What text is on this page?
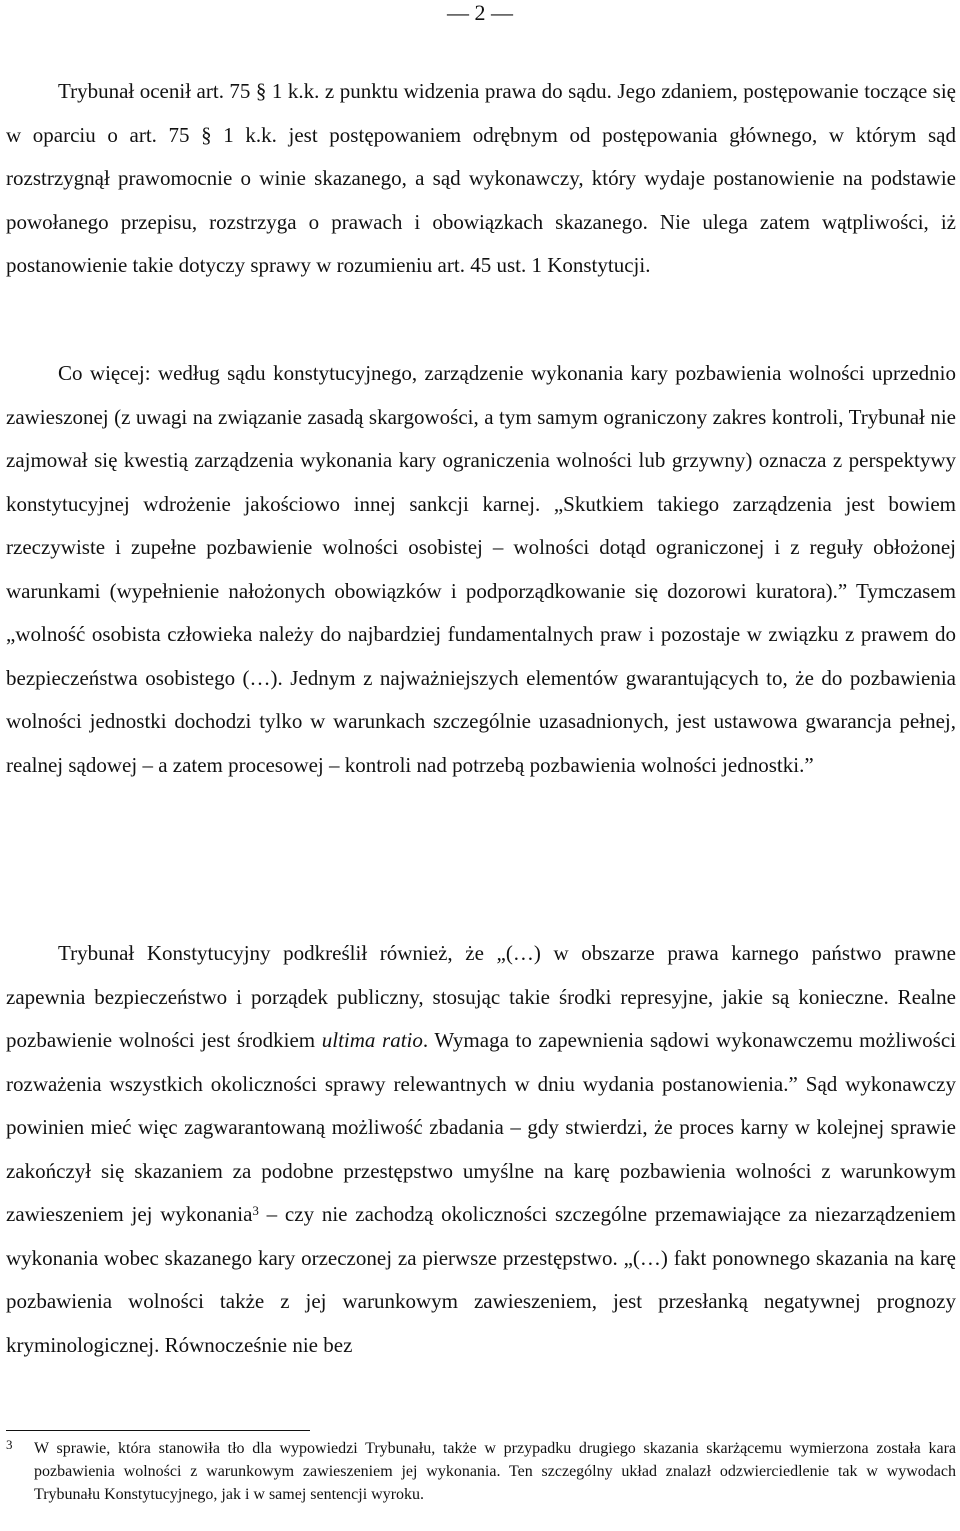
— 2 —

Trybunał ocenił art. 75 § 1 k.k. z punktu widzenia prawa do sądu. Jego zdaniem, postępowanie toczące się w oparciu o art. 75 § 1 k.k. jest postępowaniem odrębnym od postępowania głównego, w którym sąd rozstrzygnął prawomocnie o winie skazanego, a sąd wykonawczy, który wydaje postanowienie na podstawie powołanego przepisu, rozstrzyga o prawach i obowiązkach skazanego. Nie ulega zatem wątpliwości, iż postanowienie takie dotyczy sprawy w rozumieniu art. 45 ust. 1 Konstytucji.

Co więcej: według sądu konstytucyjnego, zarządzenie wykonania kary pozbawienia wolności uprzednio zawieszonej (z uwagi na związanie zasadą skargowości, a tym samym ograniczony zakres kontroli, Trybunał nie zajmował się kwestią zarządzenia wykonania kary ograniczenia wolności lub grzywny) oznacza z perspektywy konstytucyjnej wdrożenie jakościowo innej sankcji karnej. „Skutkiem takiego zarządzenia jest bowiem rzeczywiste i zupełne pozbawienie wolności osobistej – wolności dotąd ograniczonej i z reguły obłożonej warunkami (wypełnienie nałożonych obowiązków i podporządkowanie się dozorowi kuratora).” Tymczasem „wolność osobista człowieka należy do najbardziej fundamentalnych praw i pozostaje w związku z prawem do bezpieczeństwa osobistego (…). Jednym z najważniejszych elementów gwarantujących to, że do pozbawienia wolności jednostki dochodzi tylko w warunkach szczególnie uzasadnionych, jest ustawowa gwarancja pełnej, realnej sądowej – a zatem procesowej – kontroli nad potrzebą pozbawienia wolności jednostki.”

Trybunał Konstytucyjny podkreślił również, że „(…) w obszarze prawa karnego państwo prawne zapewnia bezpieczeństwo i porządek publiczny, stosując takie środki represyjne, jakie są konieczne. Realne pozbawienie wolności jest środkiem ultima ratio. Wymaga to zapewnienia sądowi wykonawczemu możliwości rozważenia wszystkich okoliczności sprawy relewantnych w dniu wydania postanowienia.” Sąd wykonawczy powinien mieć więc zagwarantowaną możliwość zbadania – gdy stwierdzi, że proces karny w kolejnej sprawie zakończył się skazaniem za podobne przestępstwo umyślne na karę pozbawienia wolności z warunkowym zawieszeniem jej wykonania$^3$ – czy nie zachodzą okoliczności szczególne przemawiające za niezarządzeniem wykonania wobec skazanego kary orzeczonej za pierwsze przestępstwo. „(…) fakt ponownego skazania na karę pozbawienia wolności także z jej warunkowym zawieszeniem, jest przesłanką negatywnej prognozy kryminologicznej. Równocześnie nie bez

3 W sprawie, która stanowiła tło dla wypowiedzi Trybunału, także w przypadku drugiego skazania skarżącemu wymierzona została kara pozbawienia wolności z warunkowym zawieszeniem jej wykonania. Ten szczególny układ znalazł odzwierciedlenie tak w wywodach Trybunału Konstytucyjnego, jak i w samej sentencji wyroku.
